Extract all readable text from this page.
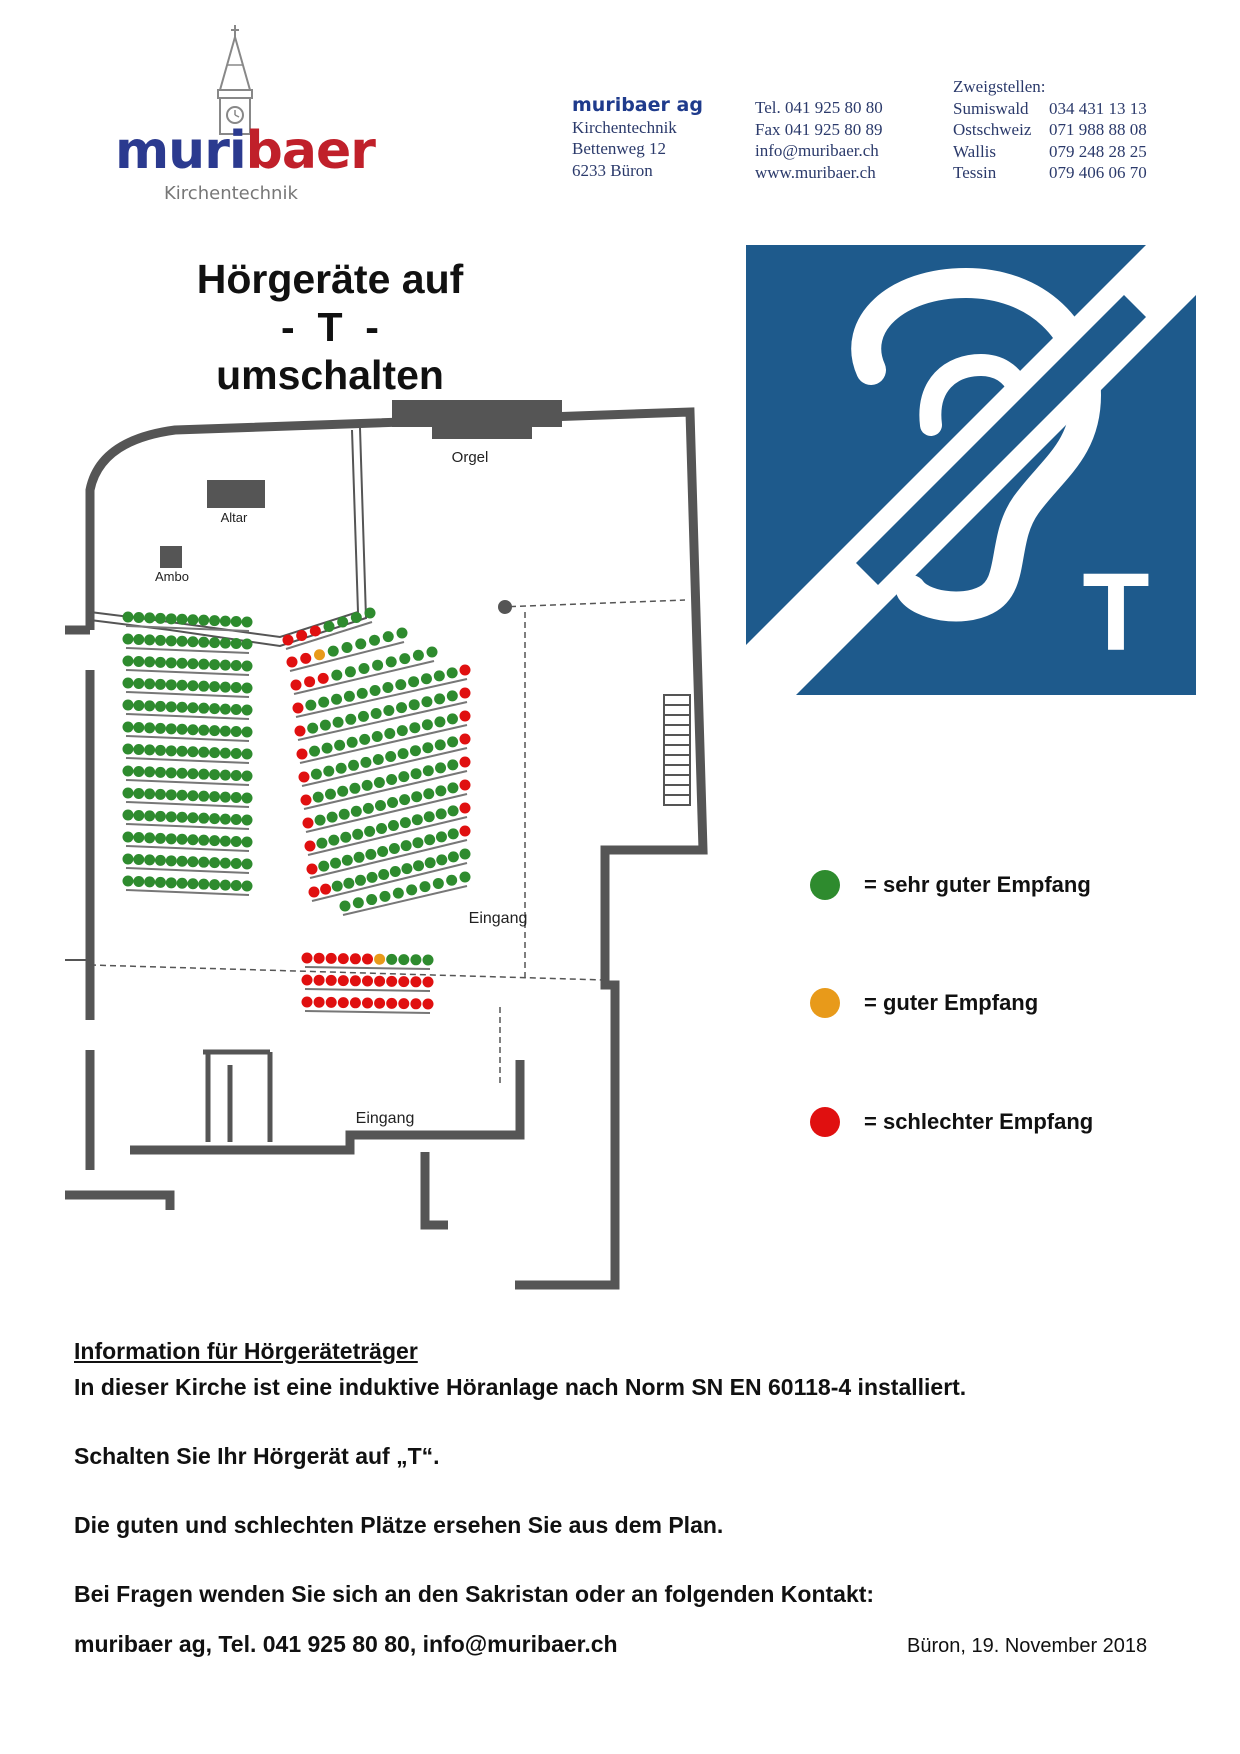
muribaer
Kirchentechnik
muribaer ag
Kirchentechnik
Bettenweg 12
6233 Büron
Tel. 041 925 80 80
Fax 041 925 80 89
info@muribaer.ch
www.muribaer.ch
Zweigstellen:
Sumiswald	034 431 13 13
Ostschweiz	071 988 88 08
Wallis	079 248 28 25
Tessin	079 406 06 70
Hörgeräte auf
-  T  -
umschalten
T
Orgel
Altar
Ambo
Eingang
Eingang
= sehr guter Empfang
= guter Empfang
= schlechter Empfang
Information für Hörgeräteträger
In dieser Kirche ist eine induktive Höranlage nach Norm SN EN 60118-4 installiert.
Schalten Sie Ihr Hörgerät auf „T“.
Die guten und schlechten Plätze ersehen Sie aus dem Plan.
Bei Fragen wenden Sie sich an den Sakristan oder an folgenden Kontakt:
muribaer ag, Tel. 041 925 80 80, info@muribaer.ch	Büron, 19. November 2018
